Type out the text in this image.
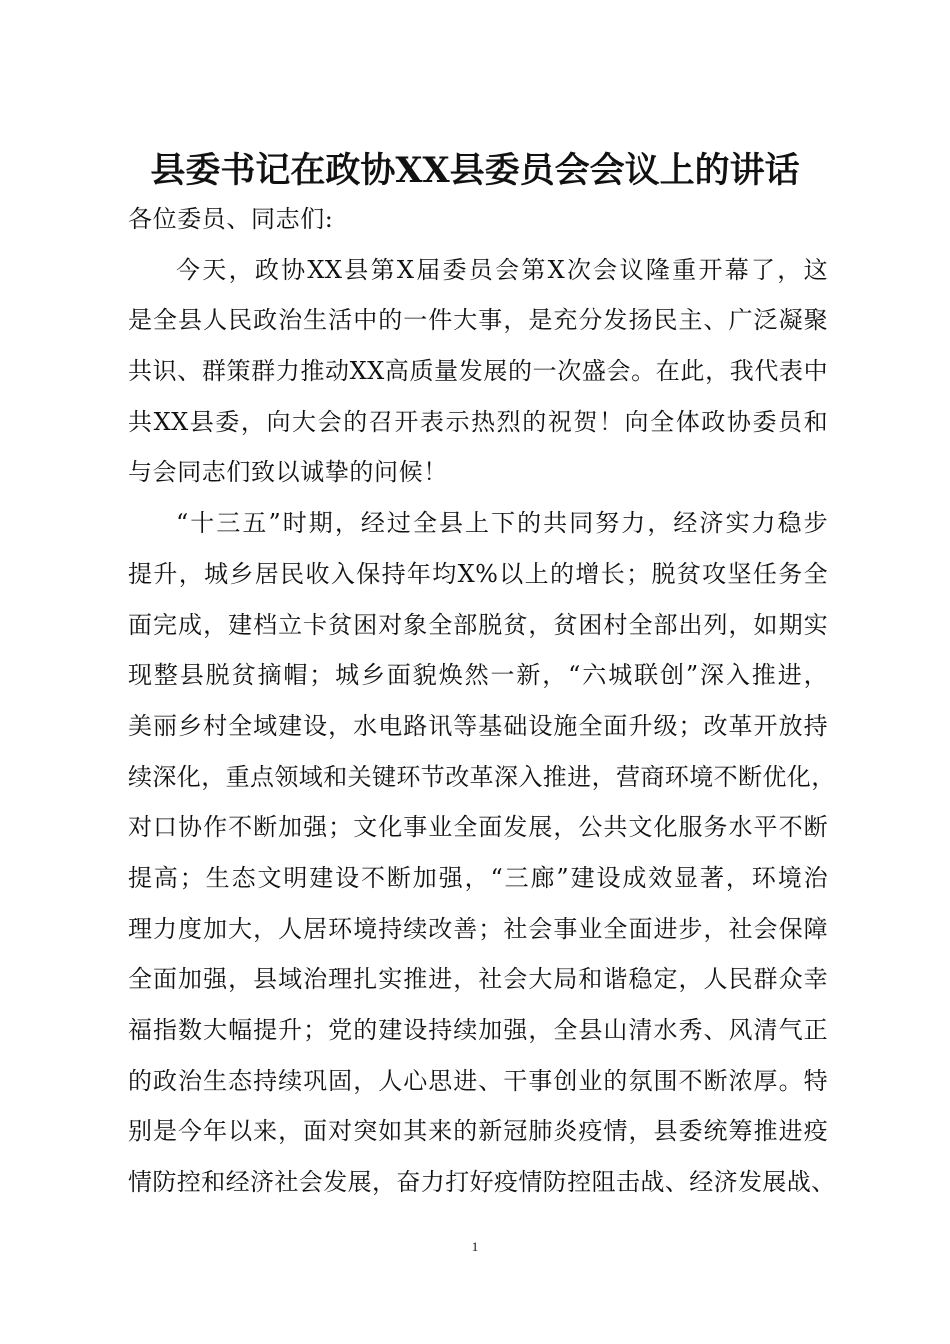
县委书记在政协XX县委员会会议上的讲话
各位委员、同志们:
今天，政协XX县第X届委员会第X次会议隆重开幕了，这
是全县人民政治生活中的一件大事，是充分发扬民主、广泛凝聚
共识、群策群力推动XX高质量发展的一次盛会。在此，我代表中
共XX县委，向大会的召开表示热烈的祝贺！向全体政协委员和
与会同志们致以诚挚的问候！
“十三五”时期，经过全县上下的共同努力，经济实力稳步
提升，城乡居民收入保持年均X%以上的增长；脱贫攻坚任务全
面完成，建档立卡贫困对象全部脱贫，贫困村全部出列，如期实
现整县脱贫摘帽；城乡面貌焕然一新，“六城联创”深入推进，
美丽乡村全域建设，水电路讯等基础设施全面升级；改革开放持
续深化，重点领域和关键环节改革深入推进，营商环境不断优化，
对口协作不断加强；文化事业全面发展，公共文化服务水平不断
提高；生态文明建设不断加强，“三廊”建设成效显著，环境治
理力度加大，人居环境持续改善；社会事业全面进步，社会保障
全面加强，县域治理扎实推进，社会大局和谐稳定，人民群众幸
福指数大幅提升；党的建设持续加强，全县山清水秀、风清气正
的政治生态持续巩固，人心思进、干事创业的氛围不断浓厚。特
别是今年以来，面对突如其来的新冠肺炎疫情，县委统筹推进疫
情防控和经济社会发展，奋力打好疫情防控阻击战、经济发展战、
1
